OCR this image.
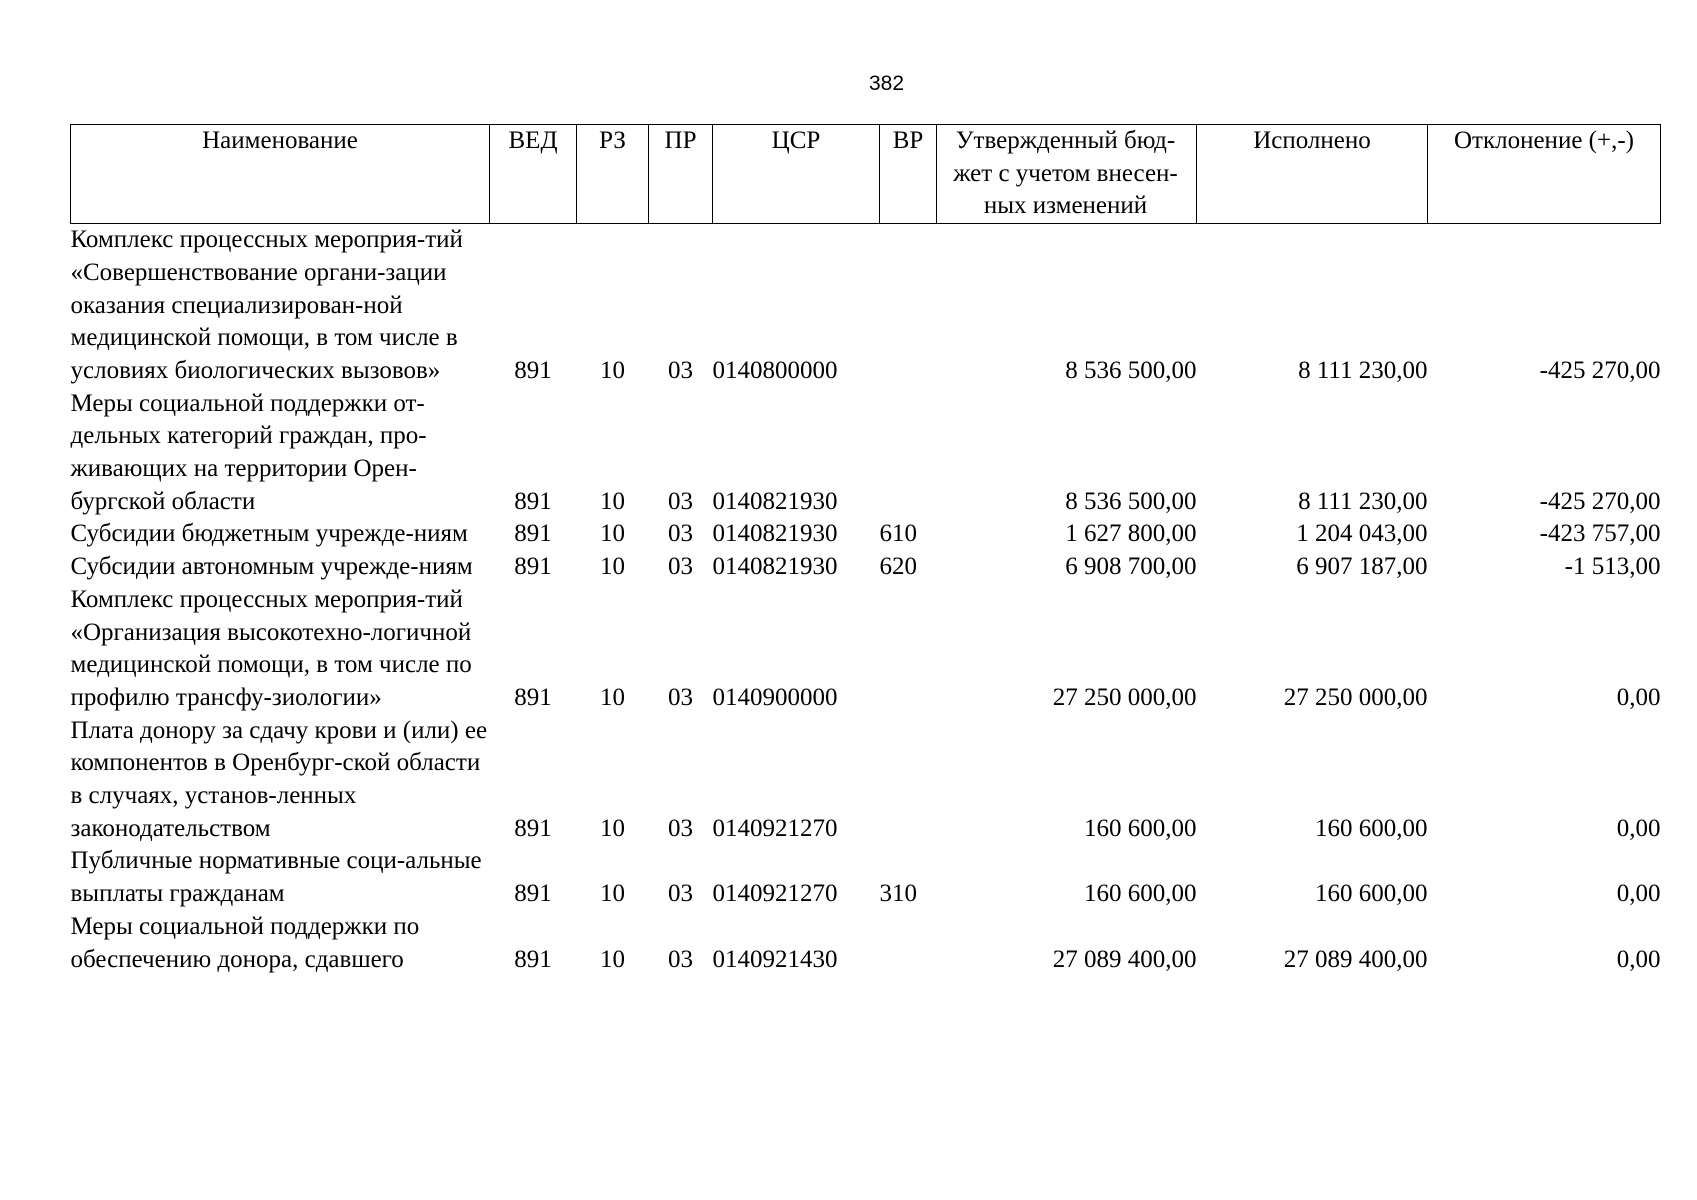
382
Наименование	ВЕД	РЗ	ПР	ЦСР	ВР	Утвержденный бюд-жет с учетом внесен-ных изменений	Исполнено	Отклонение (+,-)
Комплекс процессных мероприя-тий «Совершенствование органи-зации оказания специализирован-ной медицинской помощи, в том числе в условиях биологических вызовов»	891	10	03	0140800000		8 536 500,00	8 111 230,00	-425 270,00
Меры социальной поддержки от-дельных категорий граждан, про-живающих на территории Орен-бургской области	891	10	03	0140821930		8 536 500,00	8 111 230,00	-425 270,00
Субсидии бюджетным учрежде-ниям	891	10	03	0140821930	610	1 627 800,00	1 204 043,00	-423 757,00
Субсидии автономным учрежде-ниям	891	10	03	0140821930	620	6 908 700,00	6 907 187,00	-1 513,00
Комплекс процессных мероприя-тий «Организация высокотехно-логичной медицинской помощи, в том числе по профилю трансфу-зиологии»	891	10	03	0140900000		27 250 000,00	27 250 000,00	0,00
Плата донору за сдачу крови и (или) ее компонентов в Оренбург-ской области в случаях, установ-ленных законодательством	891	10	03	0140921270		160 600,00	160 600,00	0,00
Публичные нормативные соци-альные выплаты гражданам	891	10	03	0140921270	310	160 600,00	160 600,00	0,00
Меры социальной поддержки по обеспечению донора, сдавшего	891	10	03	0140921430		27 089 400,00	27 089 400,00	0,00
